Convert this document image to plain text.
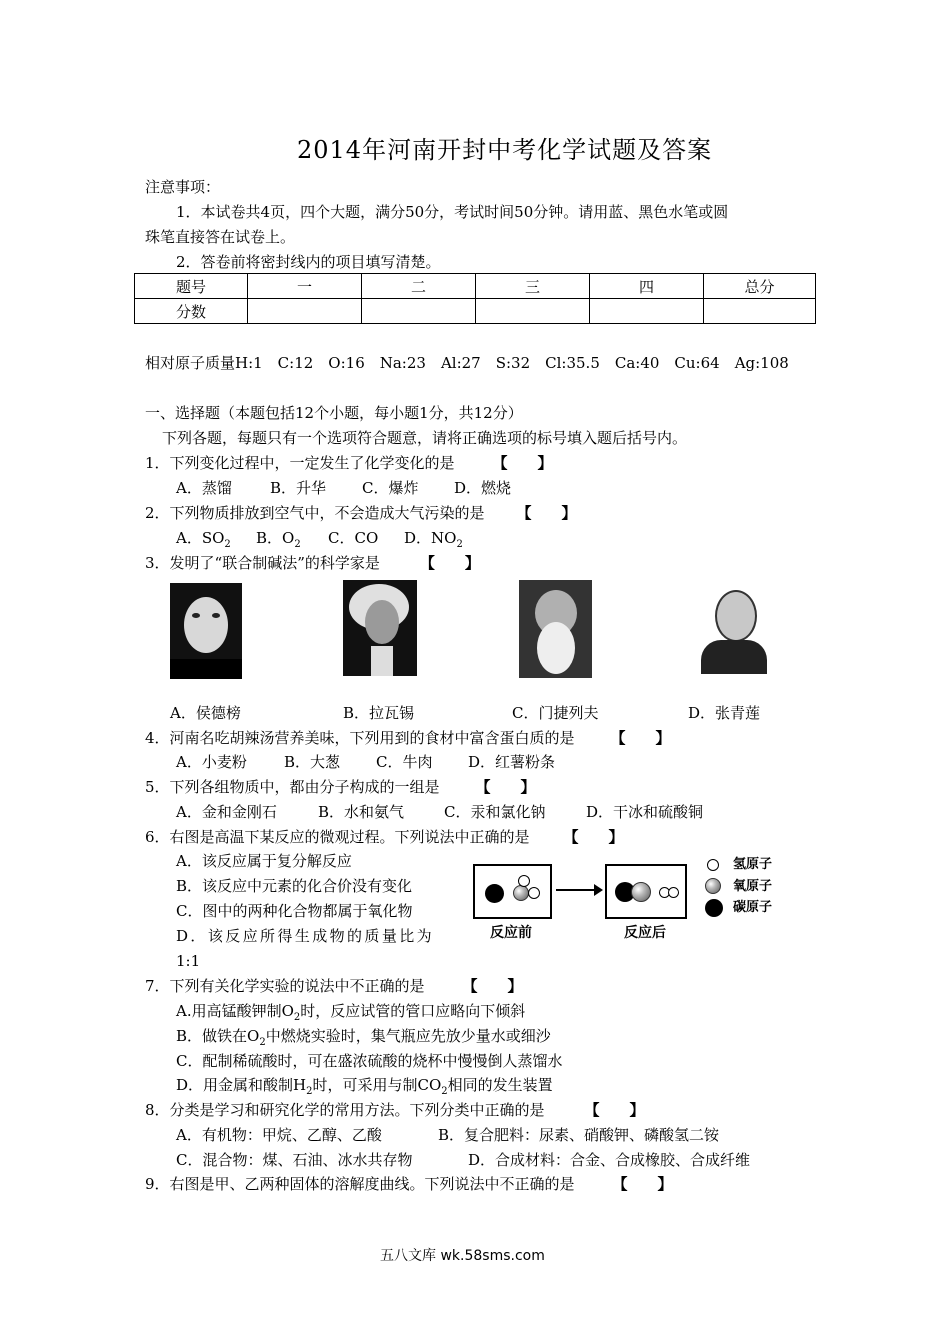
2014年河南开封中考化学试题及答案
注意事项：
1．本试卷共4页，四个大题，满分50分，考试时间50分钟。请用蓝、黑色水笔或圆
珠笔直接答在试卷上。
2．答卷前将密封线内的项目填写清楚。
题号	一	二	三	四	总分
分数					
相对原子质量H:1　C:12　O:16　Na:23　Al:27　S:32　Cl:35.5　Ca:40　Cu:64　Ag:108
一、选择题（本题包括12个小题，每小题1分，共12分）
下列各题，每题只有一个选项符合题意，请将正确选项的标号填入题后括号内。
1．下列变化过程中，一定发生了化学变化的是	【　　】
A．蒸馏	B．升华 C．爆炸 D．燃烧
2．下列物质排放到空气中，不会造成大气污染的是 【　　】
A．$SO_2$ B．$O_2$ C．CO D．$NO_2$
3．发明了“联合制碱法”的科学家是	【　　】
A．侯德榜	B．拉瓦锡	C．门捷列夫	D．张青莲
4．河南名吃胡辣汤营养美味，下列用到的食材中富含蛋白质的是 【　　】
A．小麦粉 B．大葱 C．牛肉 D．红薯粉条
5．下列各组物质中，都由分子构成的一组是 【　　】
A．金和金刚石	B．水和氨气	C．汞和氯化钠	D．干冰和硫酸铜
6．右图是高温下某反应的微观过程。下列说法中正确的是 【　　】
A．该反应属于复分解反应
B．该反应中元素的化合价没有变化
C．图中的两种化合物都属于氧化物
D．该反应所得生成物的质量比为
1:1
反应前	反应后
氢原子
氧原子
碳原子
7．下列有关化学实验的说法中不正确的是	【　　】
A.用高锰酸钾制$O_2$时，反应试管的管口应略向下倾斜
B．做铁在$O_2$中燃烧实验时，集气瓶应先放少量水或细沙
C．配制稀硫酸时，可在盛浓硫酸的烧杯中慢慢倒人蒸馏水
D．用金属和酸制$H_2$时，可采用与制$CO_2$相同的发生装置
8．分类是学习和研究化学的常用方法。下列分类中正确的是	【　　】
A．有机物：甲烷、乙醇、乙酸	B．复合肥料：尿素、硝酸钾、磷酸氢二铵
C．混合物：煤、石油、冰水共存物	D．合成材料：合金、合成橡胶、合成纤维
9．右图是甲、乙两种固体的溶解度曲线。下列说法中不正确的是	【　　】
五八文库 wk.58sms.com
